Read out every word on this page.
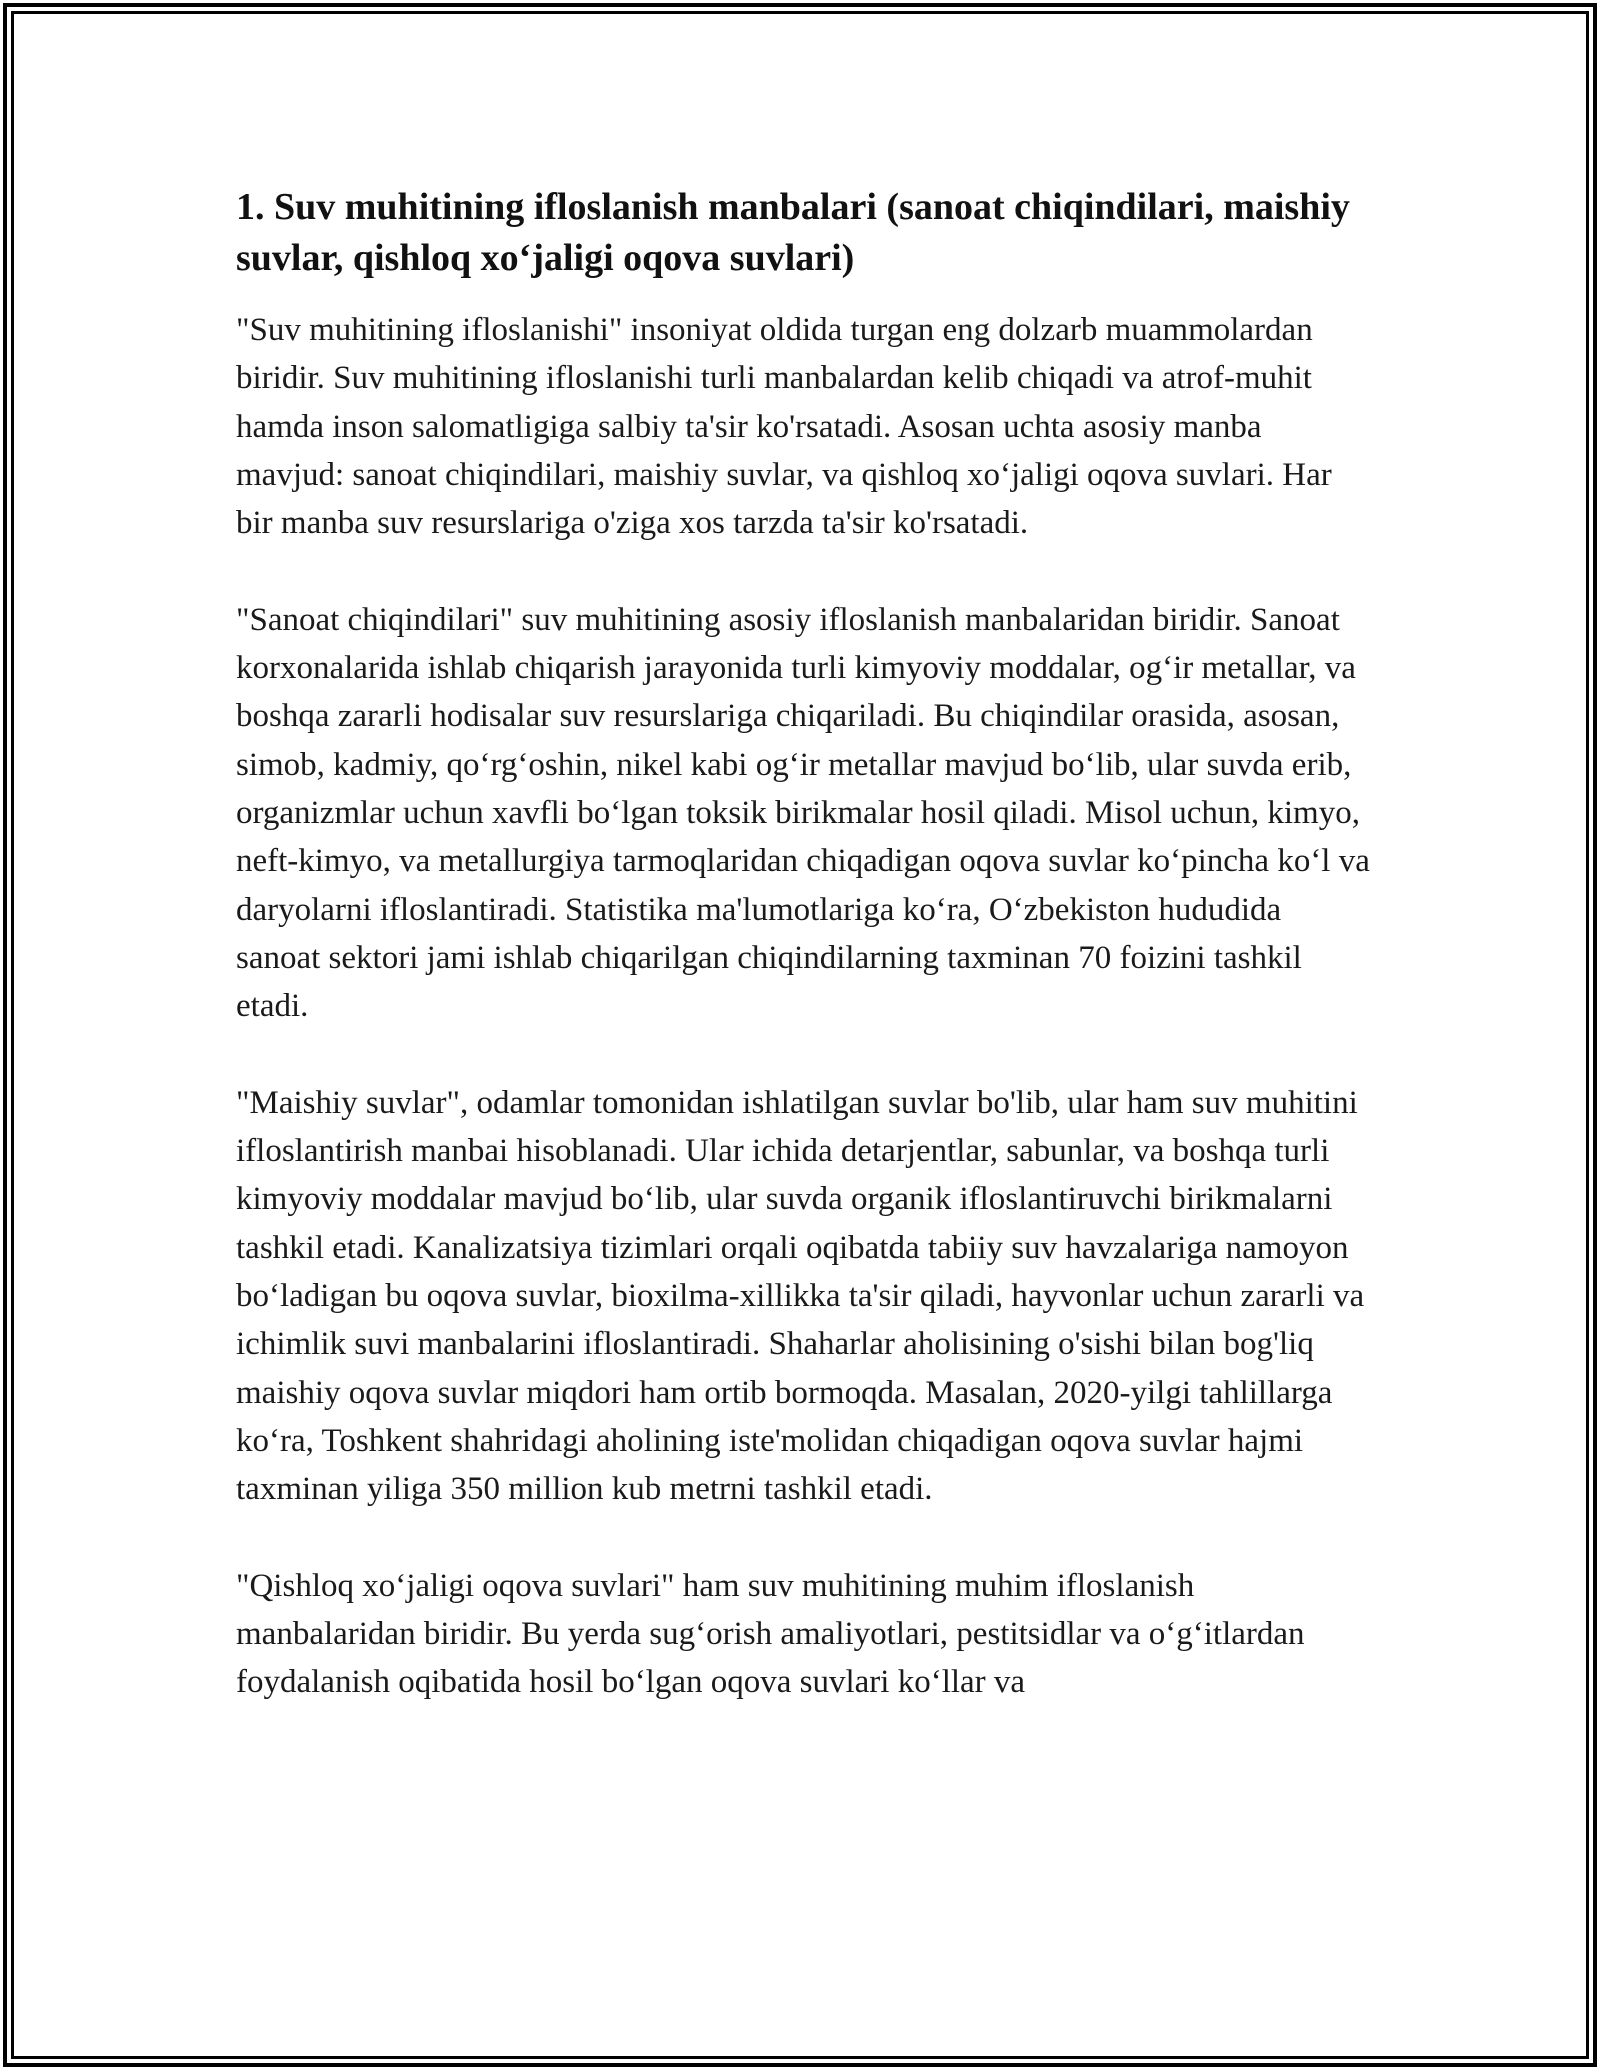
1. Suv muhitining ifloslanish manbalari (sanoat chiqindilari, maishiy suvlar, qishloq xo‘jaligi oqova suvlari)

"Suv muhitining ifloslanishi" insoniyat oldida turgan eng dolzarb muammolardan biridir. Suv muhitining ifloslanishi turli manbalardan kelib chiqadi va atrof-muhit hamda inson salomatligiga salbiy ta'sir ko'rsatadi. Asosan uchta asosiy manba mavjud: sanoat chiqindilari, maishiy suvlar, va qishloq xo‘jaligi oqova suvlari. Har bir manba suv resurslariga o'ziga xos tarzda ta'sir ko'rsatadi.

"Sanoat chiqindilari" suv muhitining asosiy ifloslanish manbalaridan biridir. Sanoat korxonalarida ishlab chiqarish jarayonida turli kimyoviy moddalar, og‘ir metallar, va boshqa zararli hodisalar suv resurslariga chiqariladi. Bu chiqindilar orasida, asosan, simob, kadmiy, qo‘rg‘oshin, nikel kabi og‘ir metallar mavjud bo‘lib, ular suvda erib, organizmlar uchun xavfli bo‘lgan toksik birikmalar hosil qiladi. Misol uchun, kimyo, neft-kimyo, va metallurgiya tarmoqlaridan chiqadigan oqova suvlar ko‘pincha ko‘l va daryolarni ifloslantiradi. Statistika ma'lumotlariga ko‘ra, O‘zbekiston hududida sanoat sektori jami ishlab chiqarilgan chiqindilarning taxminan 70 foizini tashkil etadi.

"Maishiy suvlar", odamlar tomonidan ishlatilgan suvlar bo'lib, ular ham suv muhitini ifloslantirish manbai hisoblanadi. Ular ichida detarjentlar, sabunlar, va boshqa turli kimyoviy moddalar mavjud bo‘lib, ular suvda organik ifloslantiruvchi birikmalarni tashkil etadi. Kanalizatsiya tizimlari orqali oqibatda tabiiy suv havzalariga namoyon bo‘ladigan bu oqova suvlar, bioxilma-xillikka ta'sir qiladi, hayvonlar uchun zararli va ichimlik suvi manbalarini ifloslantiradi. Shaharlar aholisining o'sishi bilan bog'liq maishiy oqova suvlar miqdori ham ortib bormoqda. Masalan, 2020-yilgi tahlillarga ko‘ra, Toshkent shahridagi aholining iste'molidan chiqadigan oqova suvlar hajmi taxminan yiliga 350 million kub metrni tashkil etadi.

"Qishloq xo‘jaligi oqova suvlari" ham suv muhitining muhim ifloslanish manbalaridan biridir. Bu yerda sug‘orish amaliyotlari, pestitsidlar va o‘g‘itlardan foydalanish oqibatida hosil bo‘lgan oqova suvlari ko‘llar va
